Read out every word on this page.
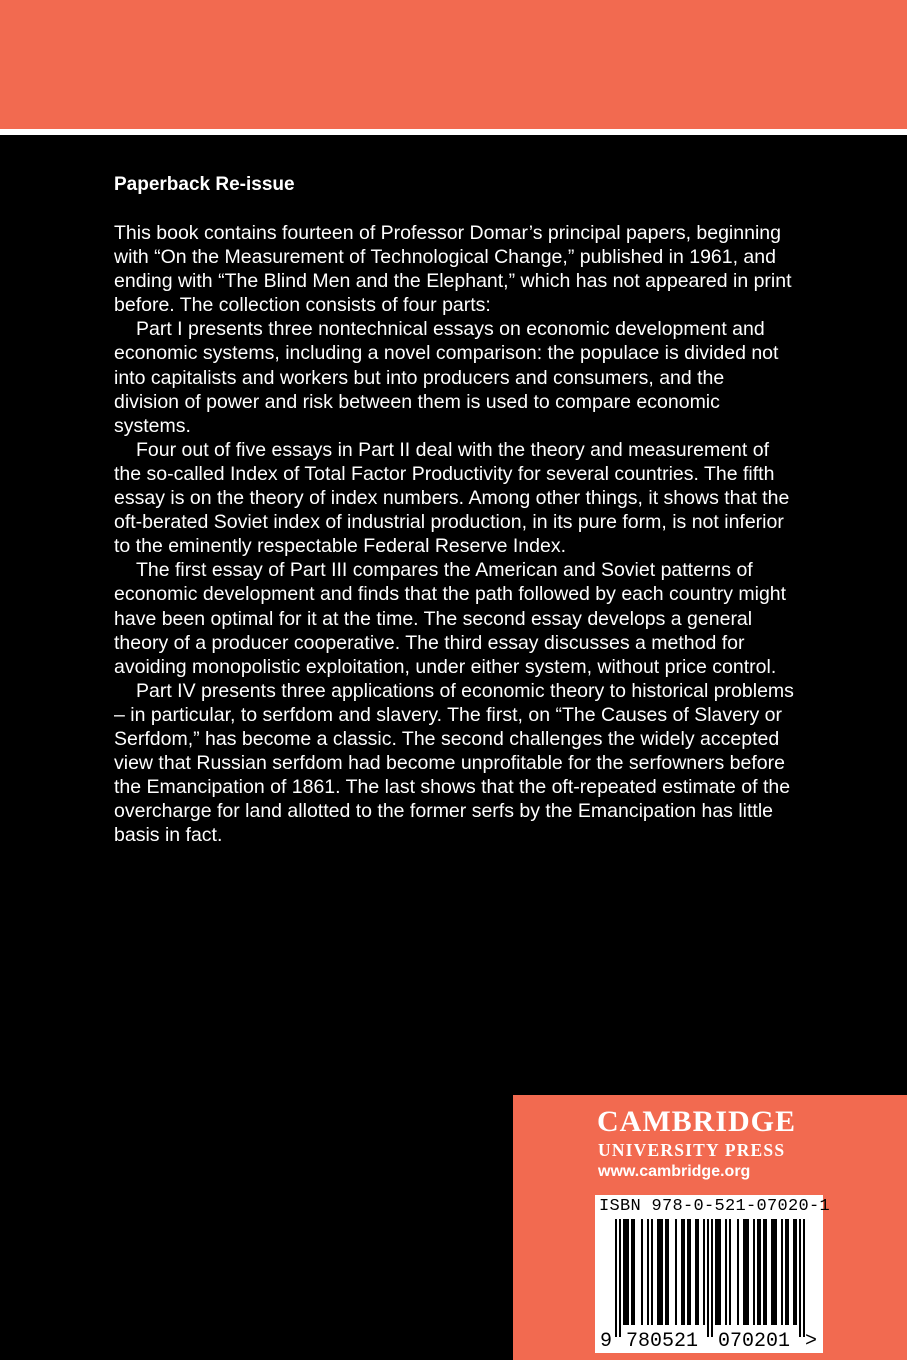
Paperback Re-issue

This book contains fourteen of Professor Domar’s principal papers, beginning with “On the Measurement of Technological Change,” published in 1961, and ending with “The Blind Men and the Elephant,” which has not appeared in print before. The collection consists of four parts:

Part I presents three nontechnical essays on economic development and economic systems, including a novel comparison: the populace is divided not into capitalists and workers but into producers and consumers, and the division of power and risk between them is used to compare economic systems.

Four out of five essays in Part II deal with the theory and measurement of the so-called Index of Total Factor Productivity for several countries. The fifth essay is on the theory of index numbers. Among other things, it shows that the oft-berated Soviet index of industrial production, in its pure form, is not inferior to the eminently respectable Federal Reserve Index.

The first essay of Part III compares the American and Soviet patterns of economic development and finds that the path followed by each country might have been optimal for it at the time. The second essay develops a general theory of a producer cooperative. The third essay discusses a method for avoiding monopolistic exploitation, under either system, without price control.

Part IV presents three applications of economic theory to historical problems – in particular, to serfdom and slavery. The first, on “The Causes of Slavery or Serfdom,” has become a classic. The second challenges the widely accepted view that Russian serfdom had become unprofitable for the serfowners before the Emancipation of 1861. The last shows that the oft-repeated estimate of the overcharge for land allotted to the former serfs by the Emancipation has little basis in fact.

CAMBRIDGE

UNIVERSITY PRESS

www.cambridge.org

ISBN 978-0-521-07020-1

9 780521 070201 >
